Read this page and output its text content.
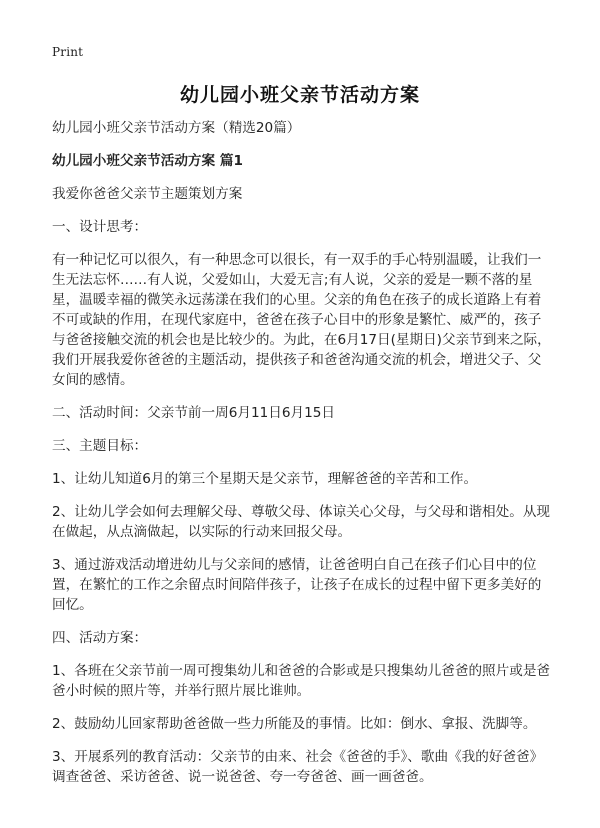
Print
幼儿园小班父亲节活动方案

幼儿园小班父亲节活动方案（精选20篇）

幼儿园小班父亲节活动方案 篇1

我爱你爸爸父亲节主题策划方案

一、设计思考：

有一种记忆可以很久，有一种思念可以很长，有一双手的手心特别温暖，让我们一生无法忘怀……有人说，父爱如山，大爱无言;有人说，父亲的爱是一颗不落的星星，温暖幸福的微笑永远荡漾在我们的心里。父亲的角色在孩子的成长道路上有着不可或缺的作用，在现代家庭中，爸爸在孩子心目中的形象是繁忙、威严的，孩子与爸爸接触交流的机会也是比较少的。为此，在6月17日(星期日)父亲节到来之际，我们开展我爱你爸爸的主题活动，提供孩子和爸爸沟通交流的机会，增进父子、父女间的感情。

二、活动时间：父亲节前一周6月11日6月15日

三、主题目标：

1、让幼儿知道6月的第三个星期天是父亲节，理解爸爸的辛苦和工作。

2、让幼儿学会如何去理解父母、尊敬父母、体谅关心父母，与父母和谐相处。从现在做起，从点滴做起，以实际的行动来回报父母。

3、通过游戏活动增进幼儿与父亲间的感情，让爸爸明白自己在孩子们心目中的位置，在繁忙的工作之余留点时间陪伴孩子，让孩子在成长的过程中留下更多美好的回忆。

四、活动方案：

1、各班在父亲节前一周可搜集幼儿和爸爸的合影或是只搜集幼儿爸爸的照片或是爸爸小时候的照片等，并举行照片展比谁帅。

2、鼓励幼儿回家帮助爸爸做一些力所能及的事情。比如：倒水、拿报、洗脚等。

3、开展系列的教育活动：父亲节的由来、社会《爸爸的手》、歌曲《我的好爸爸》调查爸爸、采访爸爸、说一说爸爸、夸一夸爸爸、画一画爸爸。
